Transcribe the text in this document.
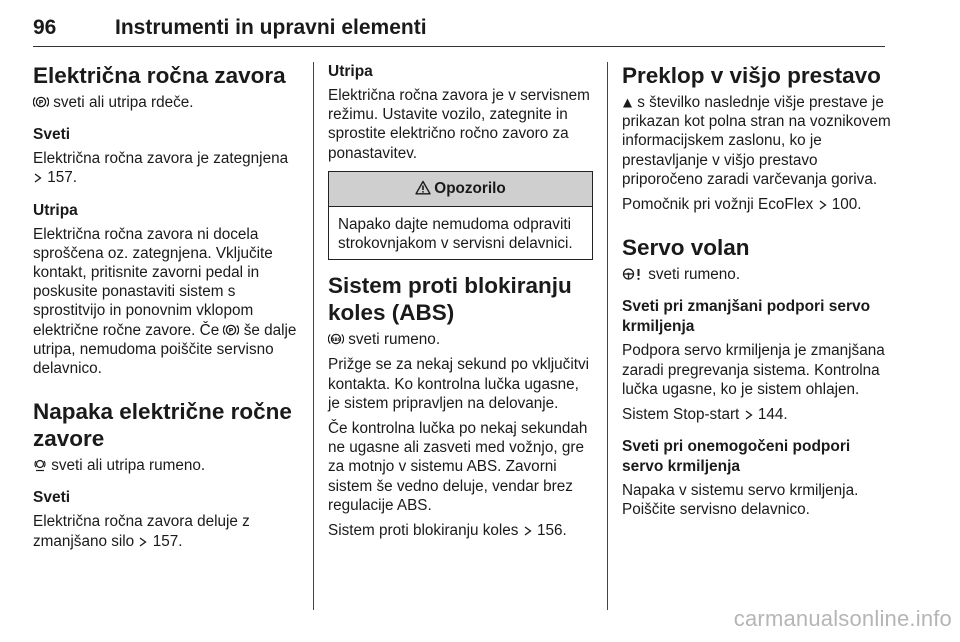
96	Instrumenti in upravni elementi
Električna ročna zavora

P sveti ali utripa rdeče.

Sveti

Električna ročna zavora je zategnjena  157.

Utripa

Električna ročna zavora ni docela sproščena oz. zategnjena. Vključite kontakt, pritisnite zavorni pedal in poskusite ponastaviti sistem s sprostitvijo in ponovnim vklopom električne ročne zavore. Če P še dalje utripa, nemudoma poiščite servisno delavnico.

Napaka električne ročne zavore

sveti ali utripa rumeno.

Sveti

Električna ročna zavora deluje z zmanjšano silo 157.

Utripa

Električna ročna zavora je v servisnem režimu. Ustavite vozilo, zategnite in sprostite električno ročno zavoro za ponastavitev.

Opozorilo

Napako dajte nemudoma odpraviti strokovnjakom v servisni delavnici.

Sistem proti blokiranju koles (ABS)

ABS sveti rumeno.

Prižge se za nekaj sekund po vključitvi kontakta. Ko kontrolna lučka ugasne, je sistem pripravljen na delovanje.

Če kontrolna lučka po nekaj sekundah ne ugasne ali zasveti med vožnjo, gre za motnjo v sistemu ABS. Zavorni sistem še vedno deluje, vendar brez regulacije ABS.

Sistem proti blokiranju koles 156.

Preklop v višjo prestavo

s številko naslednje višje prestave je prikazan kot polna stran na voznikovem informacijskem zaslonu, ko je prestavljanje v višjo prestavo priporočeno zaradi varčevanja goriva.

Pomočnik pri vožnji EcoFlex 100.

Servo volan

sveti rumeno.

Sveti pri zmanjšani podpori servo krmiljenja

Podpora servo krmiljenja je zmanjšana zaradi pregrevanja sistema. Kontrolna lučka ugasne, ko je sistem ohlajen.

Sistem Stop-start 144.

Sveti pri onemogočeni podpori servo krmiljenja

Napaka v sistemu servo krmiljenja. Poiščite servisno delavnico.

carmanualsonline.info
